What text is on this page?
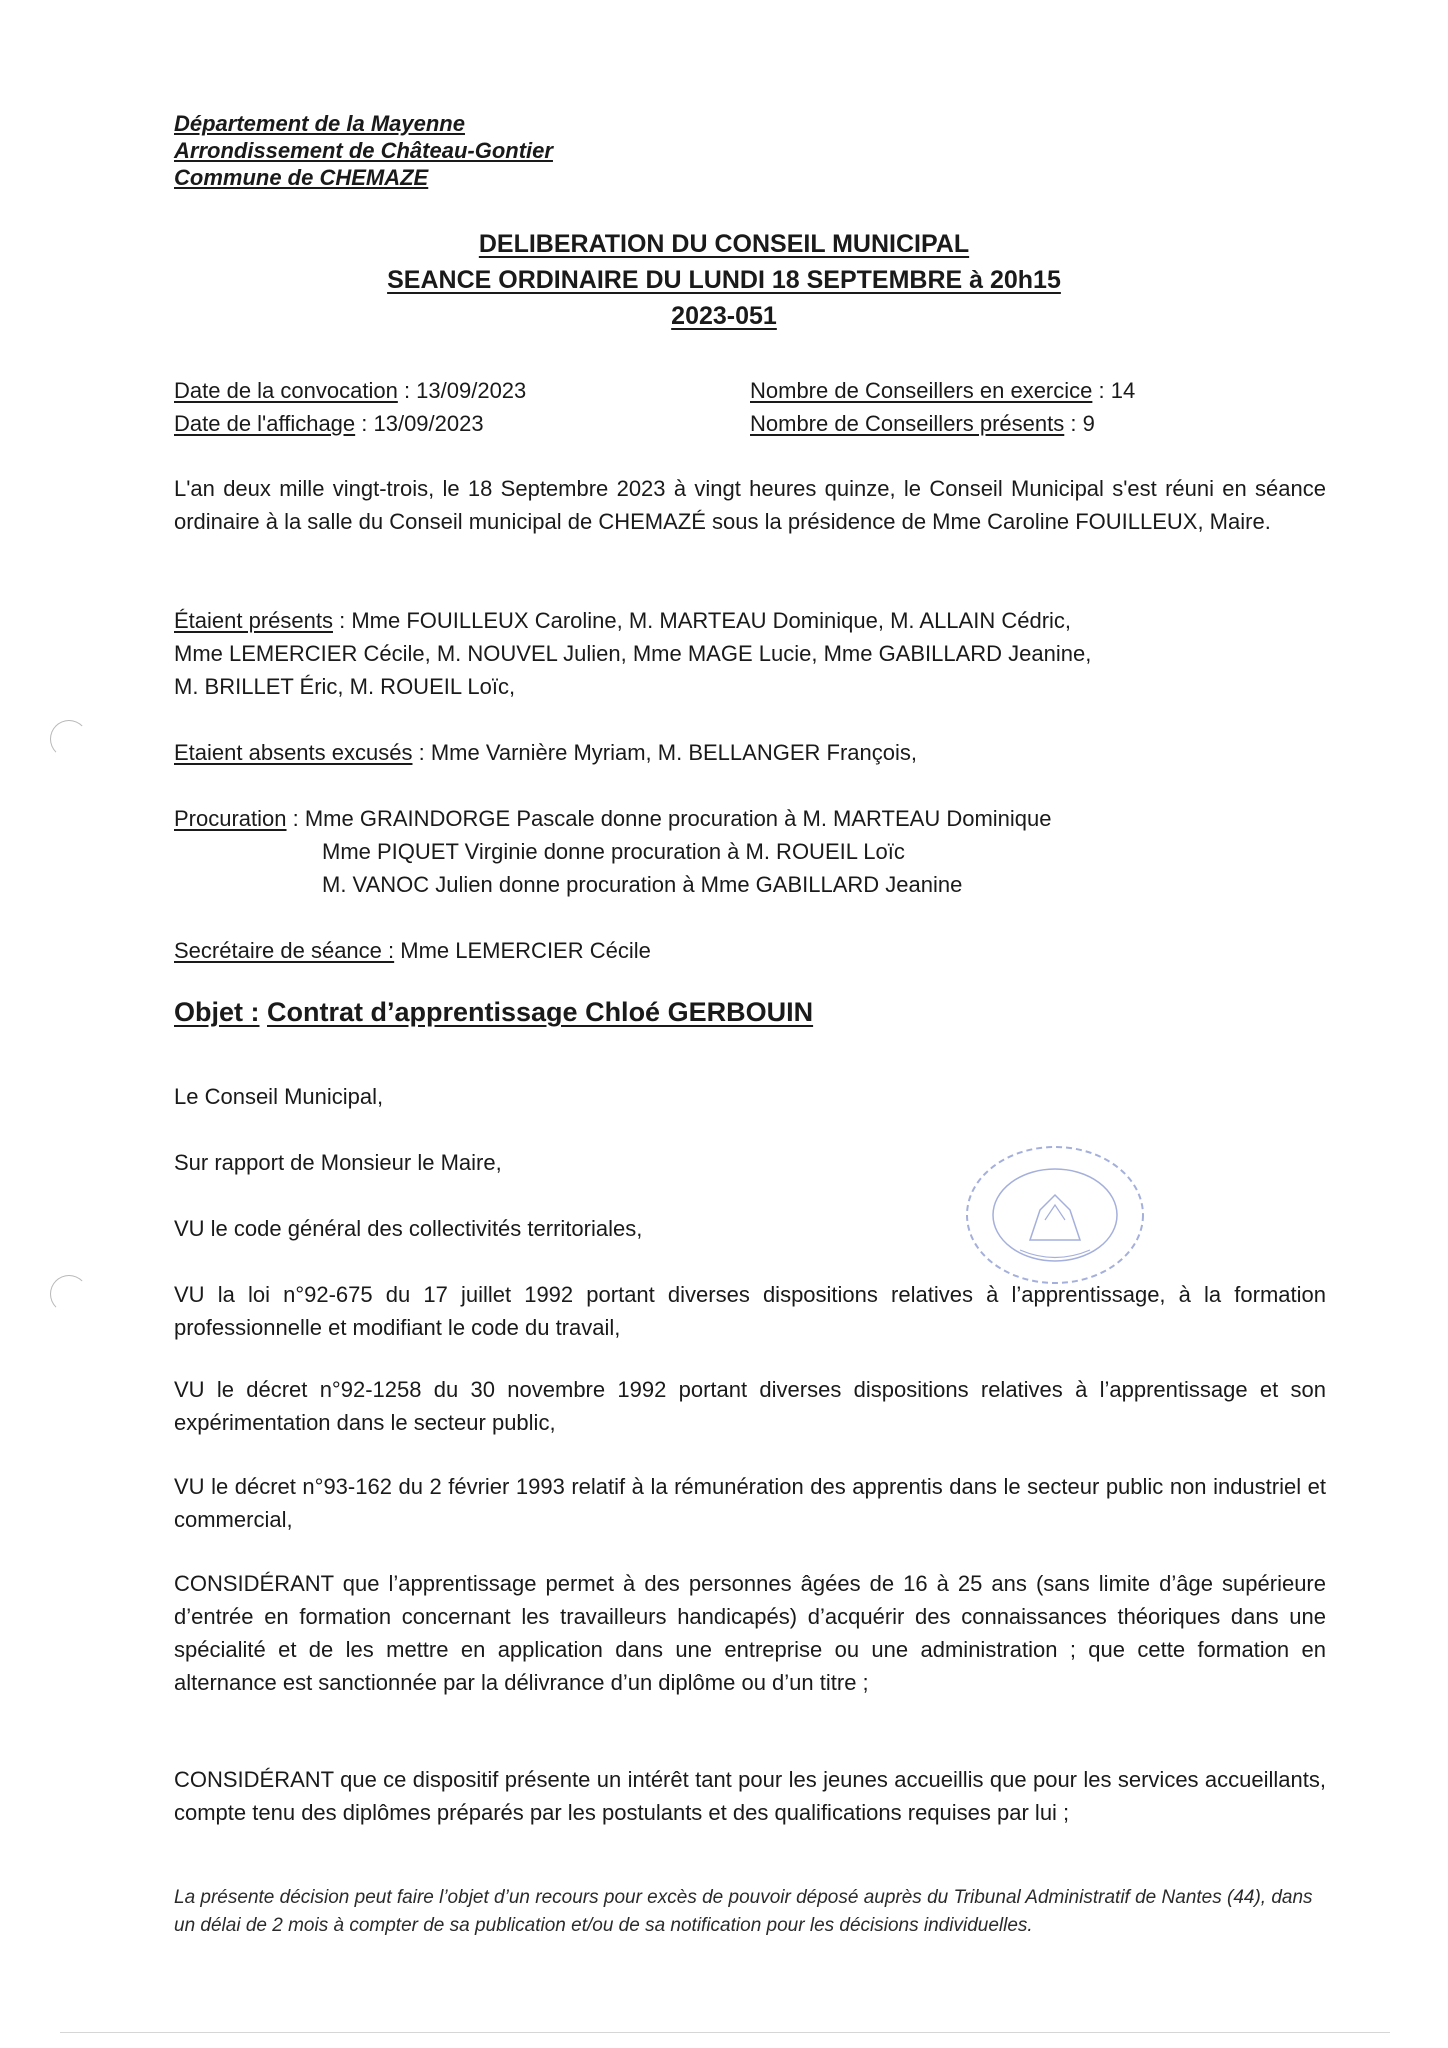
Département de la Mayenne
Arrondissement de Château-Gontier
Commune de CHEMAZE
DELIBERATION DU CONSEIL MUNICIPAL
SEANCE ORDINAIRE DU LUNDI 18 SEPTEMBRE à 20h15
2023-051
Date de la convocation : 13/09/2023
Date de l'affichage : 13/09/2023
Nombre de Conseillers en exercice : 14
Nombre de Conseillers présents : 9
L'an deux mille vingt-trois, le 18 Septembre 2023 à vingt heures quinze, le Conseil Municipal s'est réuni en séance ordinaire à la salle du Conseil municipal de CHEMAZÉ sous la présidence de Mme Caroline FOUILLEUX, Maire.
Étaient présents : Mme FOUILLEUX Caroline, M. MARTEAU Dominique, M. ALLAIN Cédric,
Mme LEMERCIER Cécile, M. NOUVEL Julien, Mme MAGE Lucie, Mme GABILLARD Jeanine,
M. BRILLET Éric, M. ROUEIL Loïc,
Etaient absents excusés : Mme Varnière Myriam, M. BELLANGER François,
Procuration : Mme GRAINDORGE Pascale donne procuration à M. MARTEAU Dominique
Mme PIQUET Virginie donne procuration à M. ROUEIL Loïc
M. VANOC Julien donne procuration à Mme GABILLARD Jeanine
Secrétaire de séance : Mme LEMERCIER Cécile
Objet : Contrat d’apprentissage Chloé GERBOUIN
Le Conseil Municipal,
Sur rapport de Monsieur le Maire,
VU le code général des collectivités territoriales,
VU la loi n°92-675 du 17 juillet 1992 portant diverses dispositions relatives à l’apprentissage, à la formation professionnelle et modifiant le code du travail,
VU le décret n°92-1258 du 30 novembre 1992 portant diverses dispositions relatives à l’apprentissage et son expérimentation dans le secteur public,
VU le décret n°93-162 du 2 février 1993 relatif à la rémunération des apprentis dans le secteur public non industriel et commercial,
CONSIDÉRANT que l’apprentissage permet à des personnes âgées de 16 à 25 ans (sans limite d’âge supérieure d’entrée en formation concernant les travailleurs handicapés) d’acquérir des connaissances théoriques dans une spécialité et de les mettre en application dans une entreprise ou une administration ; que cette formation en alternance est sanctionnée par la délivrance d’un diplôme ou d’un titre ;
CONSIDÉRANT que ce dispositif présente un intérêt tant pour les jeunes accueillis que pour les services accueillants, compte tenu des diplômes préparés par les postulants et des qualifications requises par lui ;
La présente décision peut faire l’objet d’un recours pour excès de pouvoir déposé auprès du Tribunal Administratif de Nantes (44), dans un délai de 2 mois à compter de sa publication et/ou de sa notification pour les décisions individuelles.
